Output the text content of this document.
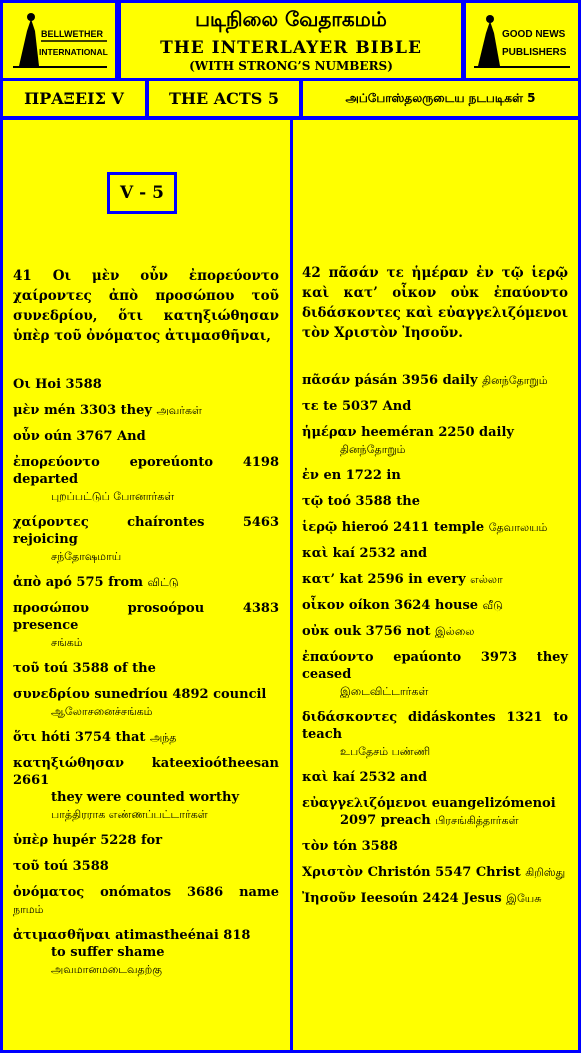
BELLWETHER
INTERNATIONAL
படிநிலை வேதாகமம்
THE INTERLAYER BIBLE
(WITH STRONG’S NUMBERS)
GOOD NEWS
PUBLISHERS
ΠΡΑΞΕΙΣ V	THE ACTS 5	அப்போஸ்தலருடைய நடபடிகள் 5
V - 5
41 Οι μὲν οὖν ἐπορεύοντο χαίροντες ἀπὸ προσώπου τοῦ συνεδρίου, ὅτι κατηξιώθησαν ὑπὲρ τοῦ ὀνόματος ἀτιμασθῆναι,
Οι Hoi 3588
μὲν mén 3303 they அவர்கள்
οὖν oún 3767 And
ἐπορεύοντο eporeúonto 4198 departed
புறப்பட்டுப் போனார்கள்
χαίροντες chaírontes 5463 rejoicing
சந்தோஷமாய்
ἀπὸ apó 575 from விட்டு
προσώπου prosoópou 4383 presence
சங்கம்
τοῦ toú 3588 of the
συνεδρίου sunedríou 4892 council
ஆலோசனைச்சங்கம்
ὅτι hóti 3754 that அந்த
κατηξιώθησαν kateexioótheesan 2661
they were counted worthy
பாத்திரராக எண்ணப்பட்டார்கள்
ὑπὲρ hupér 5228 for
τοῦ toú 3588
ὀνόματος onómatos 3686 name நாமம்
ἀτιμασθῆναι atimastheénai 818
to suffer shame
அவமானமடைவதற்கு
42 πᾶσάν τε ἡμέραν ἐν τῷ ἱερῷ καὶ κατ’ οἶκον οὐκ ἐπαύοντο διδάσκοντες καὶ εὐαγγελιζόμενοι τὸν Χριστὸν Ἰησοῦν.
πᾶσάν pásán 3956 daily தினந்தோறும்
τε te 5037 And
ἡμέραν heeméran 2250 daily
தினந்தோறும்
ἐν en 1722 in
τῷ toó 3588 the
ἱερῷ hieroó 2411 temple தேவாலயம்
καὶ kaí 2532 and
κατ’ kat 2596 in every எல்லா
οἶκον oíkon 3624 house வீடு
οὐκ ouk 3756 not இல்லை
ἐπαύοντο epaúonto 3973 they ceased
இடைவிட்டார்கள்
διδάσκοντες didáskontes 1321 to teach
உபதேசம் பண்ணி
καὶ kaí 2532 and
εὐαγγελιζόμενοι euangelizómenoi
2097 preach பிரசங்கித்தார்கள்
τὸν tón 3588
Χριστὸν Christón 5547 Christ கிறிஸ்து
Ἰησοῦν Ieesoún 2424 Jesus இயேசு
